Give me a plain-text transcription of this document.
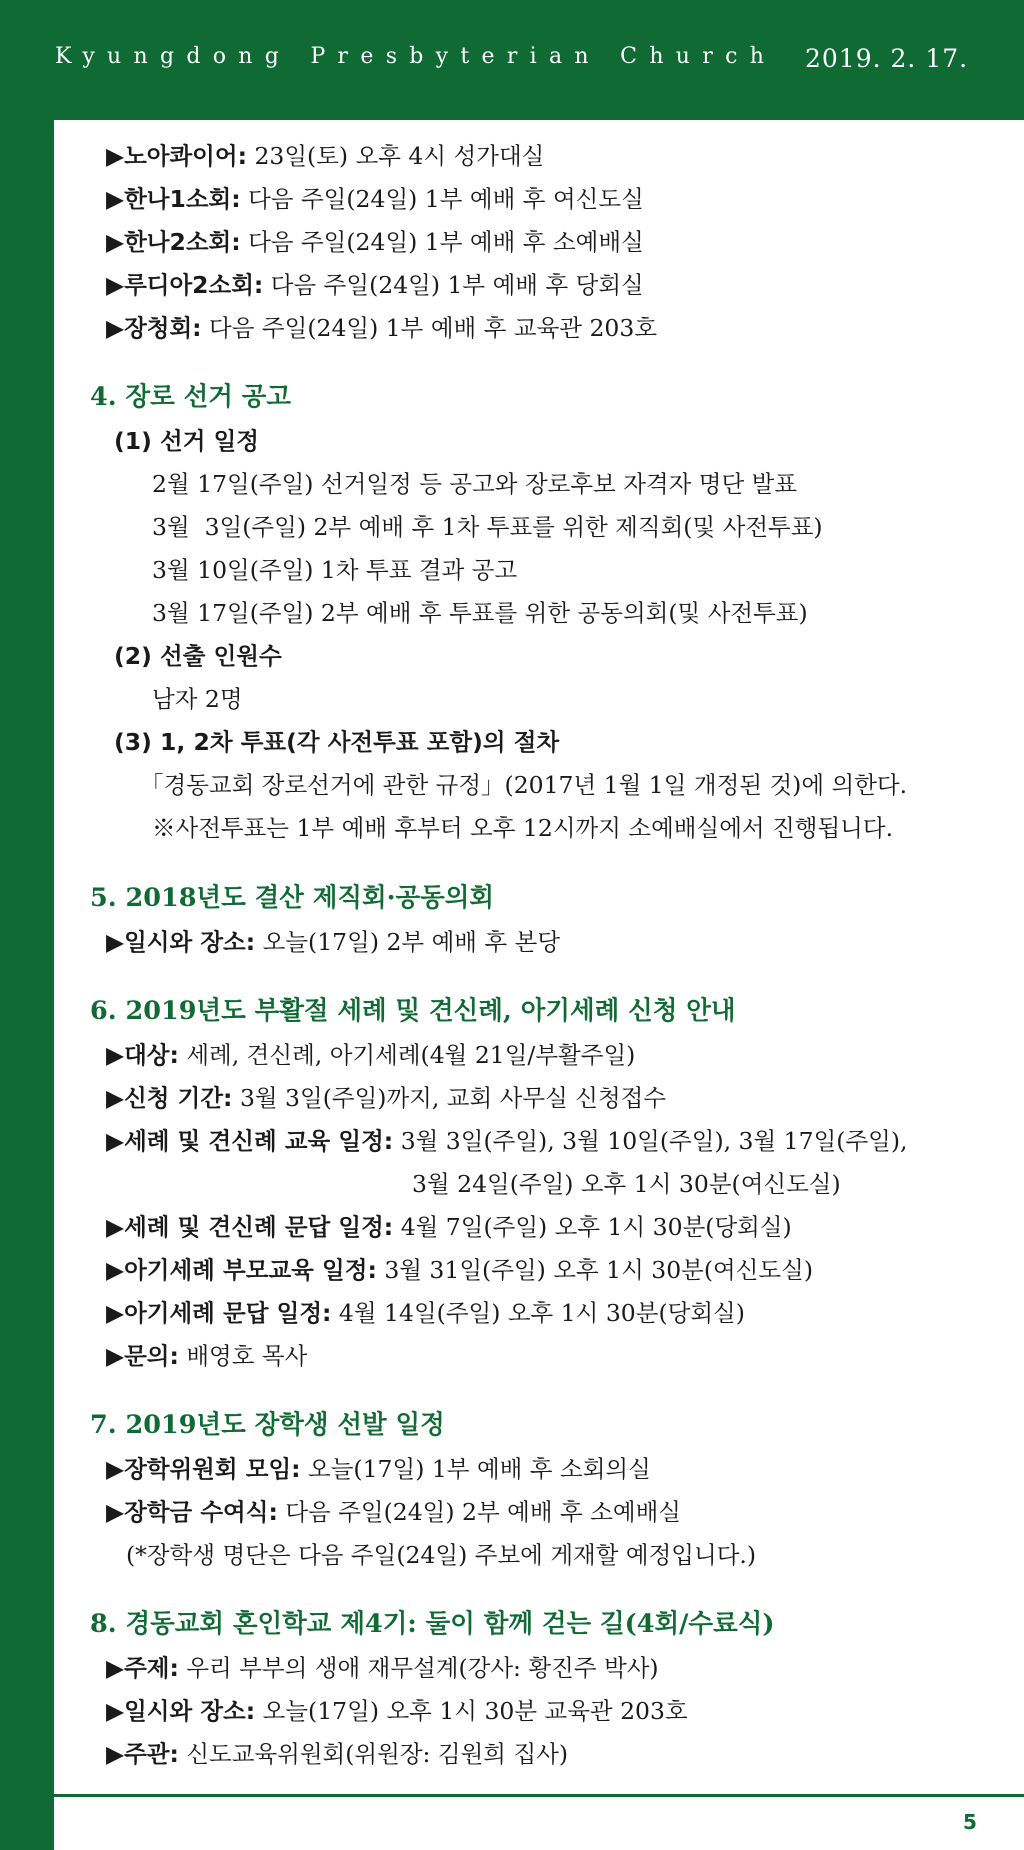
Kyungdong Presbyterian Church 2019. 2. 17.
▶노아콰이어: 23일(토) 오후 4시 성가대실
▶한나1소회: 다음 주일(24일) 1부 예배 후 여신도실
▶한나2소회: 다음 주일(24일) 1부 예배 후 소예배실
▶루디아2소회: 다음 주일(24일) 1부 예배 후 당회실
▶장청회: 다음 주일(24일) 1부 예배 후 교육관 203호
4. 장로 선거 공고
(1) 선거 일정
2월 17일(주일) 선거일정 등 공고와 장로후보 자격자 명단 발표
3월  3일(주일) 2부 예배 후 1차 투표를 위한 제직회(및 사전투표)
3월 10일(주일) 1차 투표 결과 공고
3월 17일(주일) 2부 예배 후 투표를 위한 공동의회(및 사전투표)
(2) 선출 인원수
남자 2명
(3) 1, 2차 투표(각 사전투표 포함)의 절차
「경동교회 장로선거에 관한 규정」(2017년 1월 1일 개정된 것)에 의한다.
※사전투표는 1부 예배 후부터 오후 12시까지 소예배실에서 진행됩니다.
5. 2018년도 결산 제직회·공동의회
▶일시와 장소: 오늘(17일) 2부 예배 후 본당
6. 2019년도 부활절 세례 및 견신례, 아기세례 신청 안내
▶대상: 세례, 견신례, 아기세례(4월 21일/부활주일)
▶신청 기간: 3월 3일(주일)까지, 교회 사무실 신청접수
▶세례 및 견신례 교육 일정: 3월 3일(주일), 3월 10일(주일), 3월 17일(주일),
3월 24일(주일) 오후 1시 30분(여신도실)
▶세례 및 견신례 문답 일정: 4월 7일(주일) 오후 1시 30분(당회실)
▶아기세례 부모교육 일정: 3월 31일(주일) 오후 1시 30분(여신도실)
▶아기세례 문답 일정: 4월 14일(주일) 오후 1시 30분(당회실)
▶문의: 배영호 목사
7. 2019년도 장학생 선발 일정
▶장학위원회 모임: 오늘(17일) 1부 예배 후 소회의실
▶장학금 수여식: 다음 주일(24일) 2부 예배 후 소예배실
(*장학생 명단은 다음 주일(24일) 주보에 게재할 예정입니다.)
8. 경동교회 혼인학교 제4기: 둘이 함께 걷는 길(4회/수료식)
▶주제: 우리 부부의 생애 재무설계(강사: 황진주 박사)
▶일시와 장소: 오늘(17일) 오후 1시 30분 교육관 203호
▶주관: 신도교육위원회(위원장: 김원희 집사)
5
